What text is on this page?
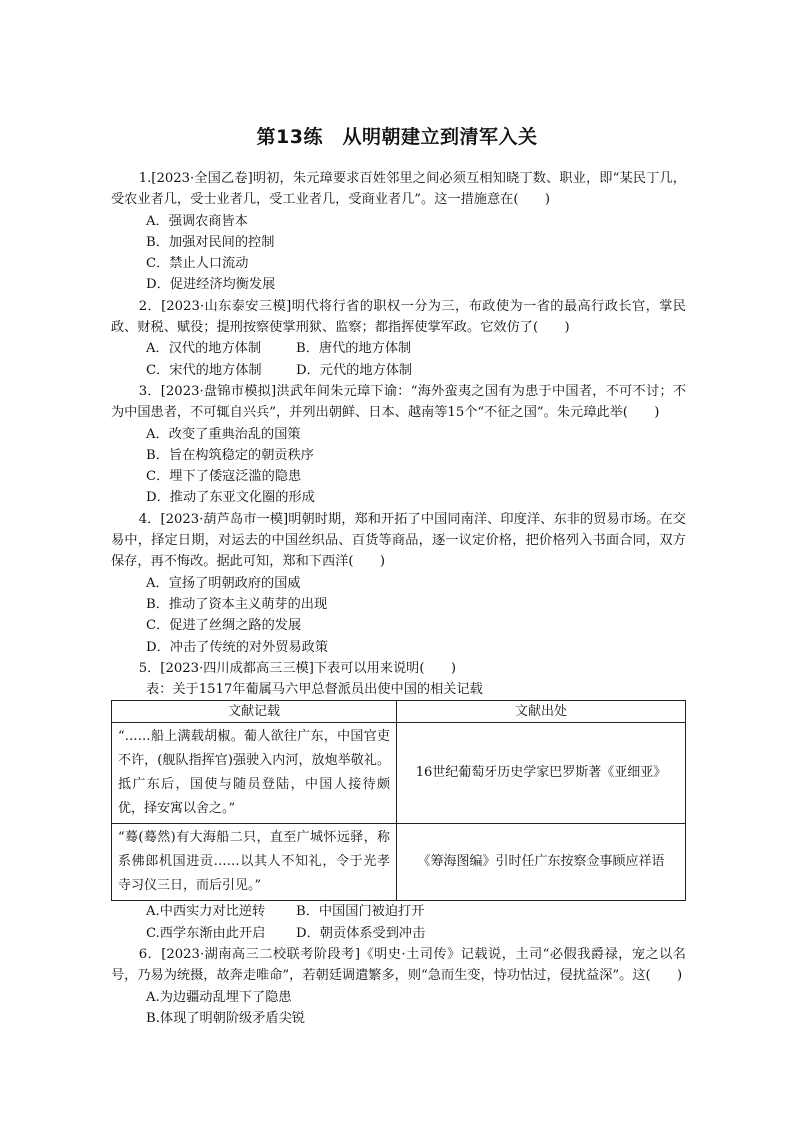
第13练　从明朝建立到清军入关

1.[2023·全国乙卷]明初，朱元璋要求百姓邻里之间必须互相知晓丁数、职业，即“某民丁几，受农业者几，受士业者几，受工业者几，受商业者几”。这一措施意在(　　)

A．强调农商皆本

B．加强对民间的控制

C．禁止人口流动

D．促进经济均衡发展

2．[2023·山东泰安三模]明代将行省的职权一分为三，布政使为一省的最高行政长官，掌民政、财税、赋役；提刑按察使掌刑狱、监察；都指挥使掌军政。它效仿了(　　)

A．汉代的地方体制	B．唐代的地方体制

C．宋代的地方体制	D．元代的地方体制

3．[2023·盘锦市模拟]洪武年间朱元璋下谕：“海外蛮夷之国有为患于中国者，不可不讨；不为中国患者，不可辄自兴兵”，并列出朝鲜、日本、越南等15个“不征之国”。朱元璋此举(　　)

A．改变了重典治乱的国策

B．旨在构筑稳定的朝贡秩序

C．埋下了倭寇泛滥的隐患

D．推动了东亚文化圈的形成

4．[2023·葫芦岛市一模]明朝时期，郑和开拓了中国同南洋、印度洋、东非的贸易市场。在交易中，择定日期，对运去的中国丝织品、百货等商品，逐一议定价格，把价格列入书面合同，双方保存，再不悔改。据此可知，郑和下西洋(　　)

A．宣扬了明朝政府的国威

B．推动了资本主义萌芽的出现

C．促进了丝绸之路的发展

D．冲击了传统的对外贸易政策

5．[2023·四川成都高三三模]下表可以用来说明(　　)

表：关于1517年葡属马六甲总督派员出使中国的相关记载

文献记载	文献出处
“……船上满载胡椒。葡人欲往广东，中国官吏不许，(舰队指挥官)强驶入内河，放炮举敬礼。抵广东后，国使与随员登陆，中国人接待颇优，择安寓以舍之。”	16世纪葡萄牙历史学家巴罗斯著《亚细亚》
“蓦(蓦然)有大海船二只，直至广城怀远驿，称系佛郎机国进贡……以其人不知礼，令于光孝寺习仪三日，而后引见。”	《筹海图编》引时任广东按察佥事顾应祥语

A.中西实力对比逆转 B．中国国门被迫打开

C.西学东渐由此开启 D．朝贡体系受到冲击

6．[2023·湖南高三二校联考阶段考]《明史·土司传》记载说，土司“必假我爵禄，宠之以名号，乃易为统摄，故奔走唯命”，若朝廷调遣繁多，则“急而生变，恃功怙过，侵扰益深”。这(　　)

A.为边疆动乱埋下了隐患

B.体现了明朝阶级矛盾尖锐
